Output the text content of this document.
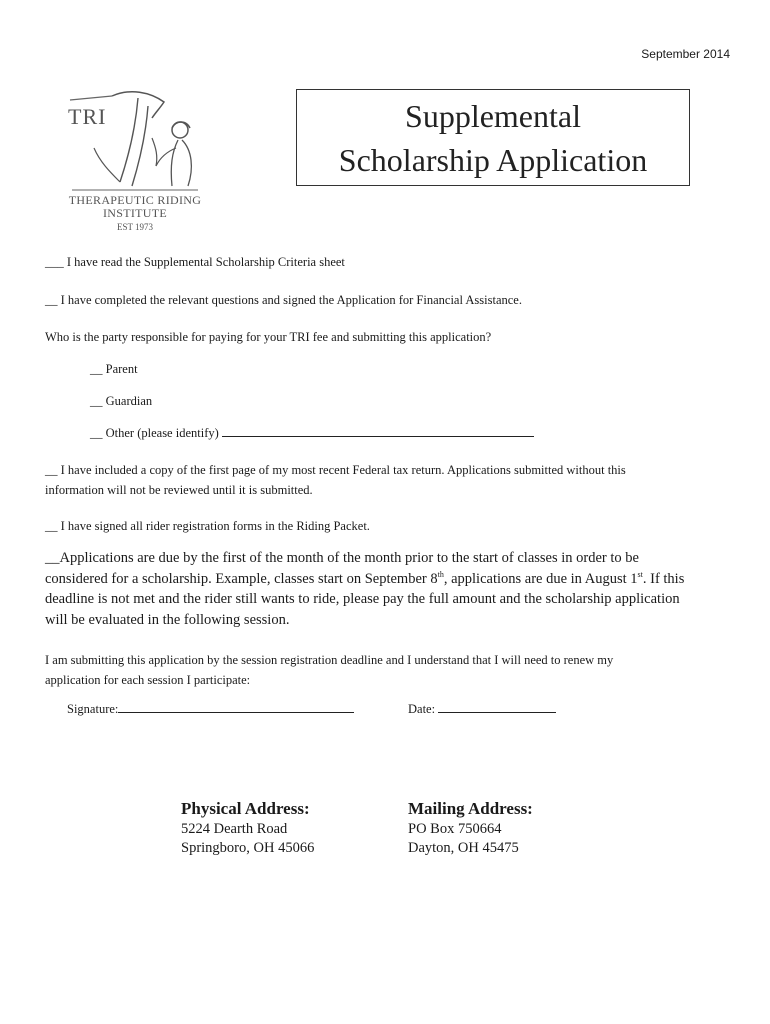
September 2014
TRI
THERAPEUTIC RIDING
INSTITUTE
EST 1973
Supplemental
Scholarship Application
___ I have read the Supplemental Scholarship Criteria sheet
__ I have completed the relevant questions and signed the Application for Financial Assistance.
Who is the party responsible for paying for your TRI fee and submitting this application?
__ Parent
__ Guardian
__ Other (please identify)
__ I have included a copy of the first page of my most recent Federal tax return. Applications submitted without this
information will not be reviewed until it is submitted.
__ I have signed all rider registration forms in the Riding Packet.
__Applications are due by the first of the month of the month prior to the start of classes in order to be
considered for a scholarship. Example, classes start on September 8th, applications are due in August 1st. If this
deadline is not met and the rider still wants to ride, please pay the full amount and the scholarship application
will be evaluated in the following session.
I am submitting this application by the session registration deadline and I understand that I will need to renew my
application for each session I participate:
Signature:	Date:
Physical Address:
5224 Dearth Road
Springboro, OH 45066
Mailing Address:
PO Box 750664
Dayton, OH 45475
